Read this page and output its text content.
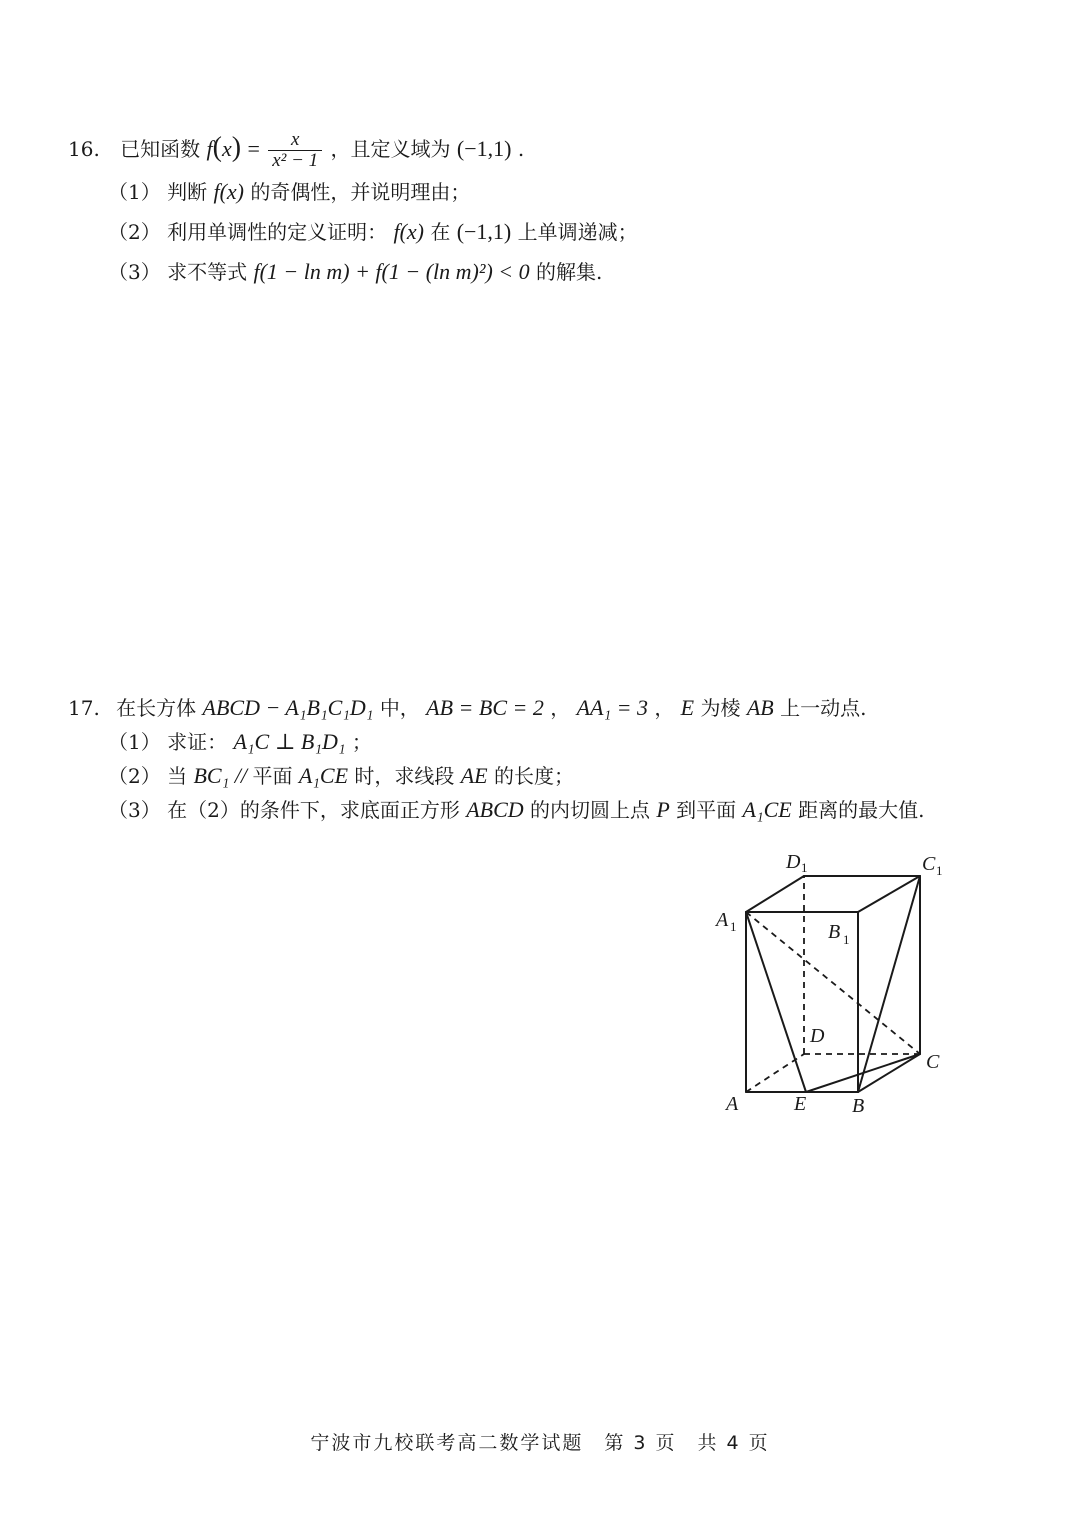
16. 已知函数 $f(x) = \frac{x}{\text{x² − 1}}$ ，且定义域为 (−1,1) .
（1） 判断 f(x) 的奇偶性，并说明理由；
（2） 利用单调性的定义证明： f(x) 在 (−1,1) 上单调递减；
（3） 求不等式 f(1 − ln m) + f(1 − (ln m)²) < 0 的解集.
17. 在长方体 ABCD − A₁B₁C₁D₁ 中， AB = BC = 2 ， AA₁ = 3 ， E 为棱 AB 上一动点.
（1） 求证： A₁C ⊥ B₁D₁ ；
（2） 当 BC₁ // 平面 A₁CE 时，求线段 AE 的长度；
（3） 在（2）的条件下，求底面正方形 ABCD 的内切圆上点 P 到平面 A₁CE 距离的最大值.
D 1	C 1
A 1	B 1
D
C
A	E B
宁波市九校联考高二数学试题　第 3 页　共 4 页
